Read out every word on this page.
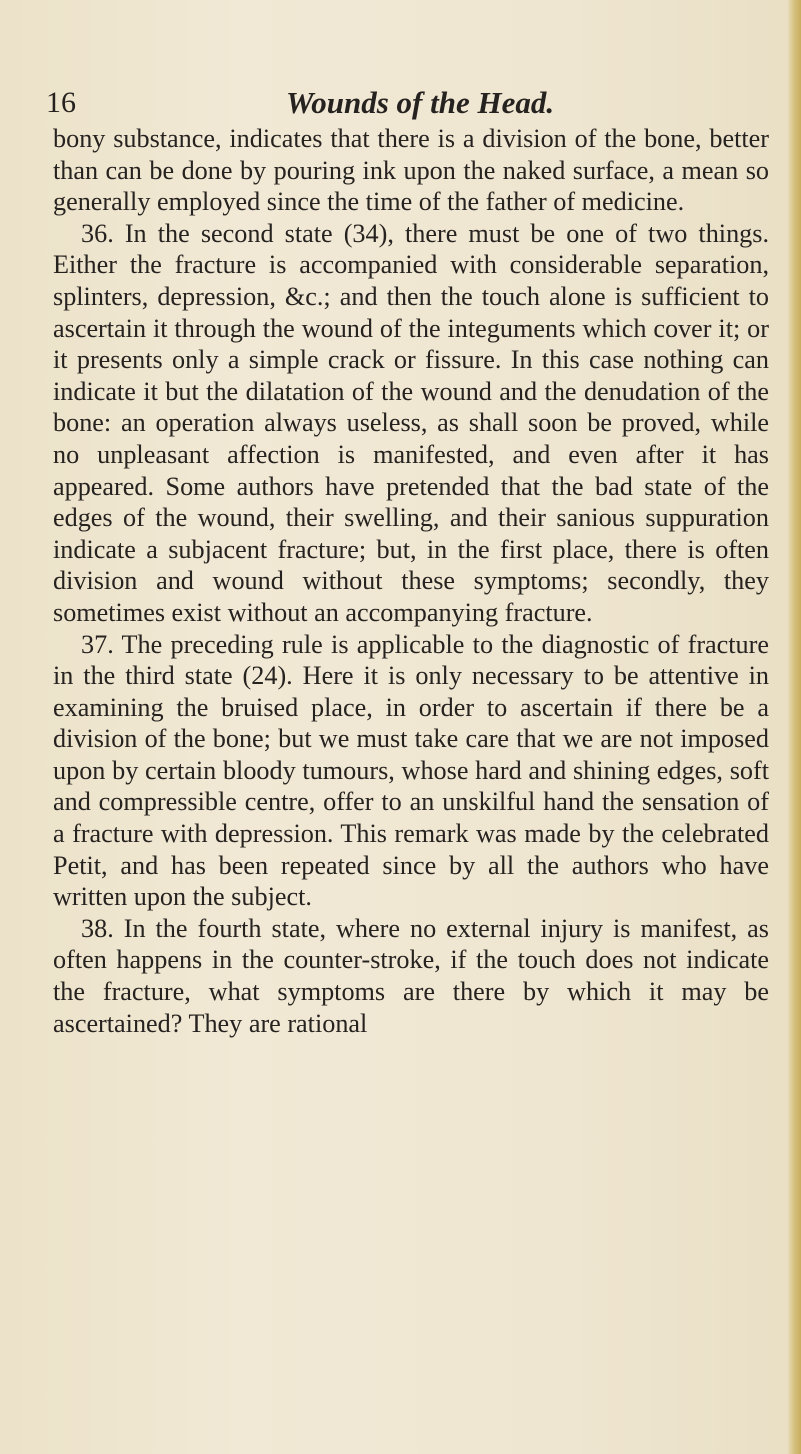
16	Wounds of the Head.

bony substance, indicates that there is a division of the bone, better than can be done by pouring ink upon the naked surface, a mean so generally employed since the time of the father of medicine.

36. In the second state (34), there must be one of two things. Either the fracture is accompanied with considerable separation, splinters, depression, &c.; and then the touch alone is sufficient to ascertain it through the wound of the integuments which cover it; or it presents only a simple crack or fissure. In this case nothing can indicate it but the dilatation of the wound and the denudation of the bone: an operation always useless, as shall soon be proved, while no unpleasant affection is manifested, and even after it has appeared. Some authors have pretended that the bad state of the edges of the wound, their swelling, and their sanious suppuration indicate a subjacent fracture; but, in the first place, there is often division and wound without these symptoms; secondly, they sometimes exist without an accompanying fracture.

37. The preceding rule is applicable to the diagnostic of fracture in the third state (24). Here it is only necessary to be attentive in examining the bruised place, in order to ascertain if there be a division of the bone; but we must take care that we are not imposed upon by certain bloody tumours, whose hard and shining edges, soft and compressible centre, offer to an unskilful hand the sensation of a fracture with depression. This remark was made by the celebrated Petit, and has been repeated since by all the authors who have written upon the subject.

38. In the fourth state, where no external injury is manifest, as often happens in the counter-stroke, if the touch does not indicate the fracture, what symptoms are there by which it may be ascertained? They are rational
